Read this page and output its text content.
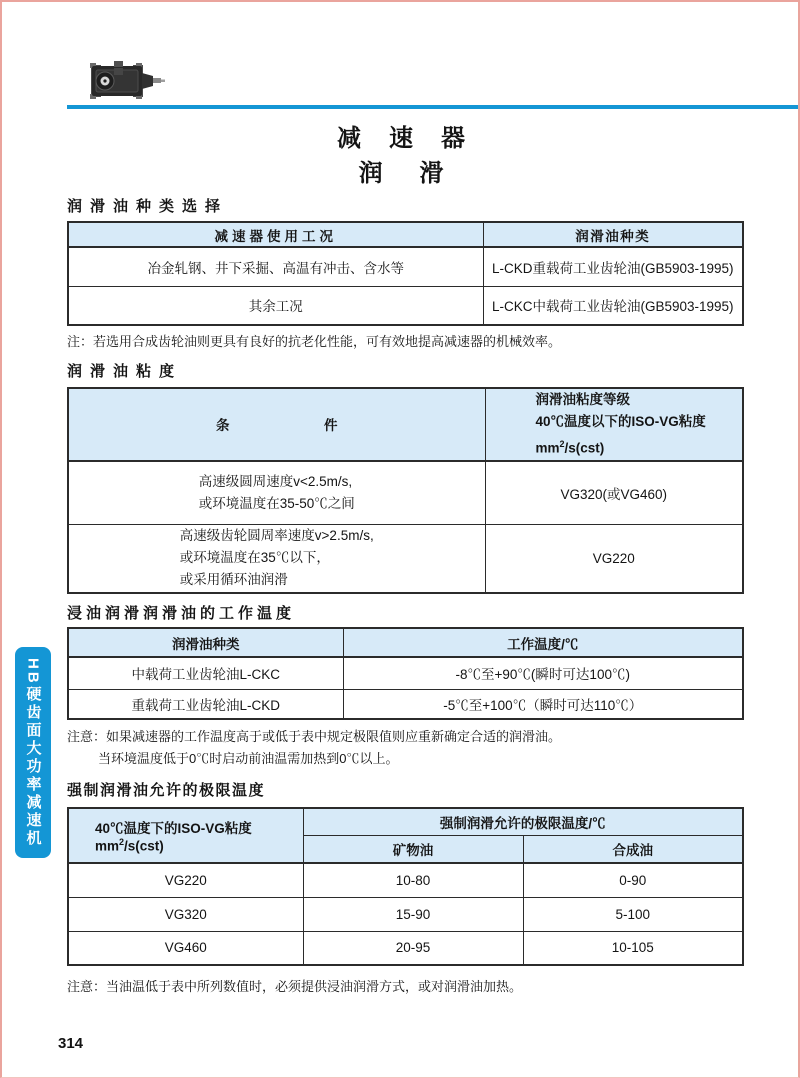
减　速　器
润　 滑
润滑油种类选择
减速器使用工况	润滑油种类
冶金轧钢、井下采掘、高温有冲击、含水等	L-CKD重载荷工业齿轮油(GB5903-1995)
其余工况	L-CKC中载荷工业齿轮油(GB5903-1995)
注：若选用合成齿轮油则更具有良好的抗老化性能，可有效地提高减速器的机械效率。
润滑油粘度
条　　　　　　　件	润滑油粘度等级
40℃温度以下的ISO-VG粘度
$mm^2/s(cst)$

高速级圆周速度v<2.5m/s,
或环境温度在35-50℃之间	VG320(或VG460)

高速级齿轮圆周率速度v>2.5m/s,
或环境温度在35℃以下，
或采用循环油润滑	VG220
浸油润滑润滑油的工作温度
润滑油种类	工作温度/℃
中载荷工业齿轮油L-CKC	-8℃至+90℃(瞬时可达100℃)
重载荷工业齿轮油L-CKD	-5℃至+100℃（瞬时可达110℃）
注意：如果减速器的工作温度高于或低于表中规定极限值则应重新确定合适的润滑油。
当环境温度低于0℃时启动前油温需加热到0℃以上。
强制润滑油允许的极限温度
40℃温度下的ISO-VG粘度
$mm^2/s(cst)$	强制润滑允许的极限温度/℃	
	矿物油	合成油
VG220	10-80	0-90
VG320	15-90	5-100
VG460	20-95	10-105
注意：当油温低于表中所列数值时，必须提供浸油润滑方式，或对润滑油加热。
HB硬齿面大功率减速机
314
